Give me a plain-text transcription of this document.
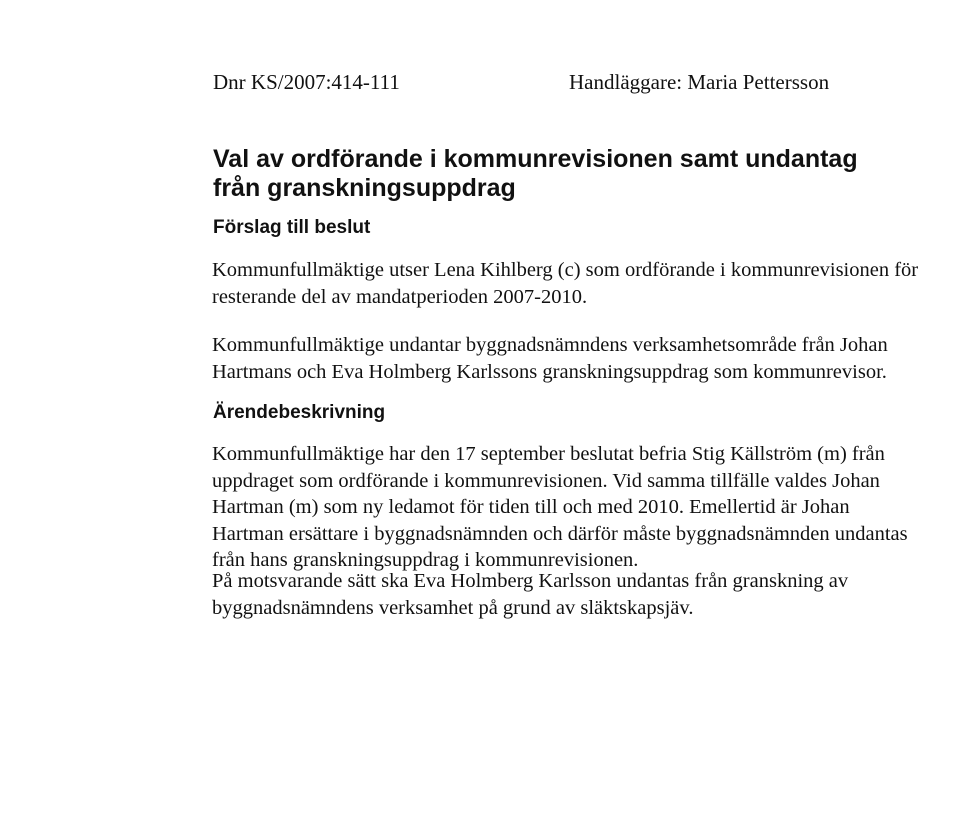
Dnr KS/2007:414-111	Handläggare: Maria Pettersson
Val av ordförande i kommunrevisionen samt undantag
från granskningsuppdrag
Förslag till beslut

Kommunfullmäktige utser Lena Kihlberg (c) som ordförande i kommunrevisionen för
resterande del av mandatperioden 2007-2010.

Kommunfullmäktige undantar byggnadsnämndens verksamhetsområde från Johan
Hartmans och Eva Holmberg Karlssons granskningsuppdrag som kommunrevisor.

Ärendebeskrivning

Kommunfullmäktige har den 17 september beslutat befria Stig Källström (m) från
uppdraget som ordförande i kommunrevisionen. Vid samma tillfälle valdes Johan
Hartman (m) som ny ledamot för tiden till och med 2010. Emellertid är Johan
Hartman ersättare i byggnadsnämnden och därför måste byggnadsnämnden undantas
från hans granskningsuppdrag i kommunrevisionen.

På motsvarande sätt ska Eva Holmberg Karlsson undantas från granskning av
byggnadsnämndens verksamhet på grund av släktskapsjäv.
